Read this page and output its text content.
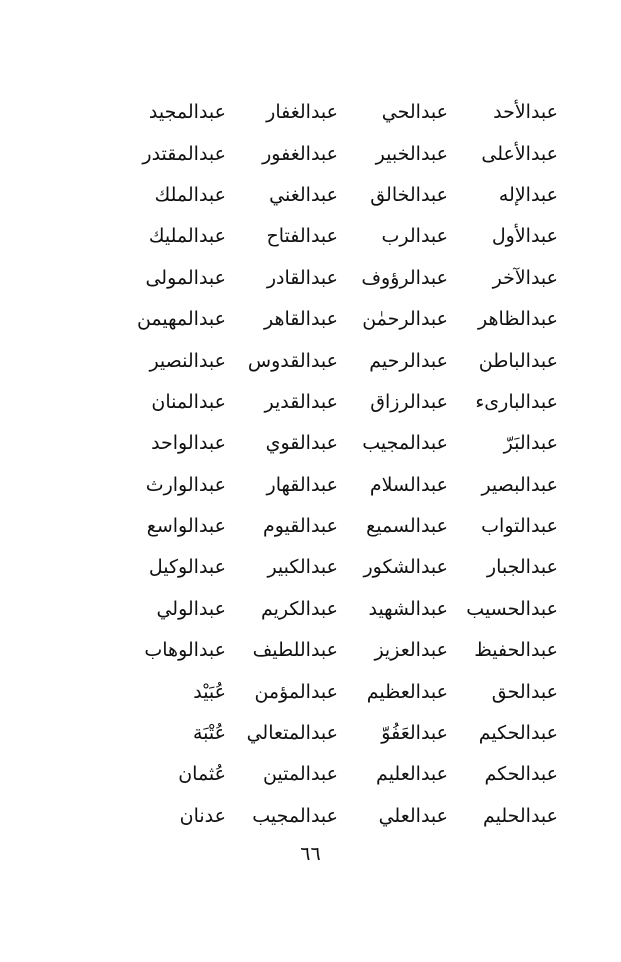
عبدالأحد
عبدالحي
عبدالغفار
عبدالمجيد
عبدالأعلى
عبدالخبير
عبدالغفور
عبدالمقتدر
عبدالإله
عبدالخالق
عبدالغني
عبدالملك
عبدالأول
عبدالرب
عبدالفتاح
عبدالمليك
عبدالآخر
عبدالرؤوف
عبدالقادر
عبدالمولى
عبدالظاهر
عبدالرحمٰن
عبدالقاهر
عبدالمهيمن
عبدالباطن
عبدالرحيم
عبدالقدوس
عبدالنصير
عبدالبارىء
عبدالرزاق
عبدالقدير
عبدالمنان
عبدالبَرّ
عبدالمجيب
عبدالقوي
عبدالواحد
عبدالبصير
عبدالسلام
عبدالقهار
عبدالوارث
عبدالتواب
عبدالسميع
عبدالقيوم
عبدالواسع
عبدالجبار
عبدالشكور
عبدالكبير
عبدالوكيل
عبدالحسيب
عبدالشهيد
عبدالكريم
عبدالولي
عبدالحفيظ
عبدالعزيز
عبداللطيف
عبدالوهاب
عبدالحق
عبدالعظيم
عبدالمؤمن
عُبَيْد
عبدالحكيم
عبدالعَفُوّ
عبدالمتعالي
عُتْبَة
عبدالحكم
عبدالعليم
عبدالمتين
عُثمان
عبدالحليم
عبدالعلي
عبدالمجيب
عدنان
٦٦
